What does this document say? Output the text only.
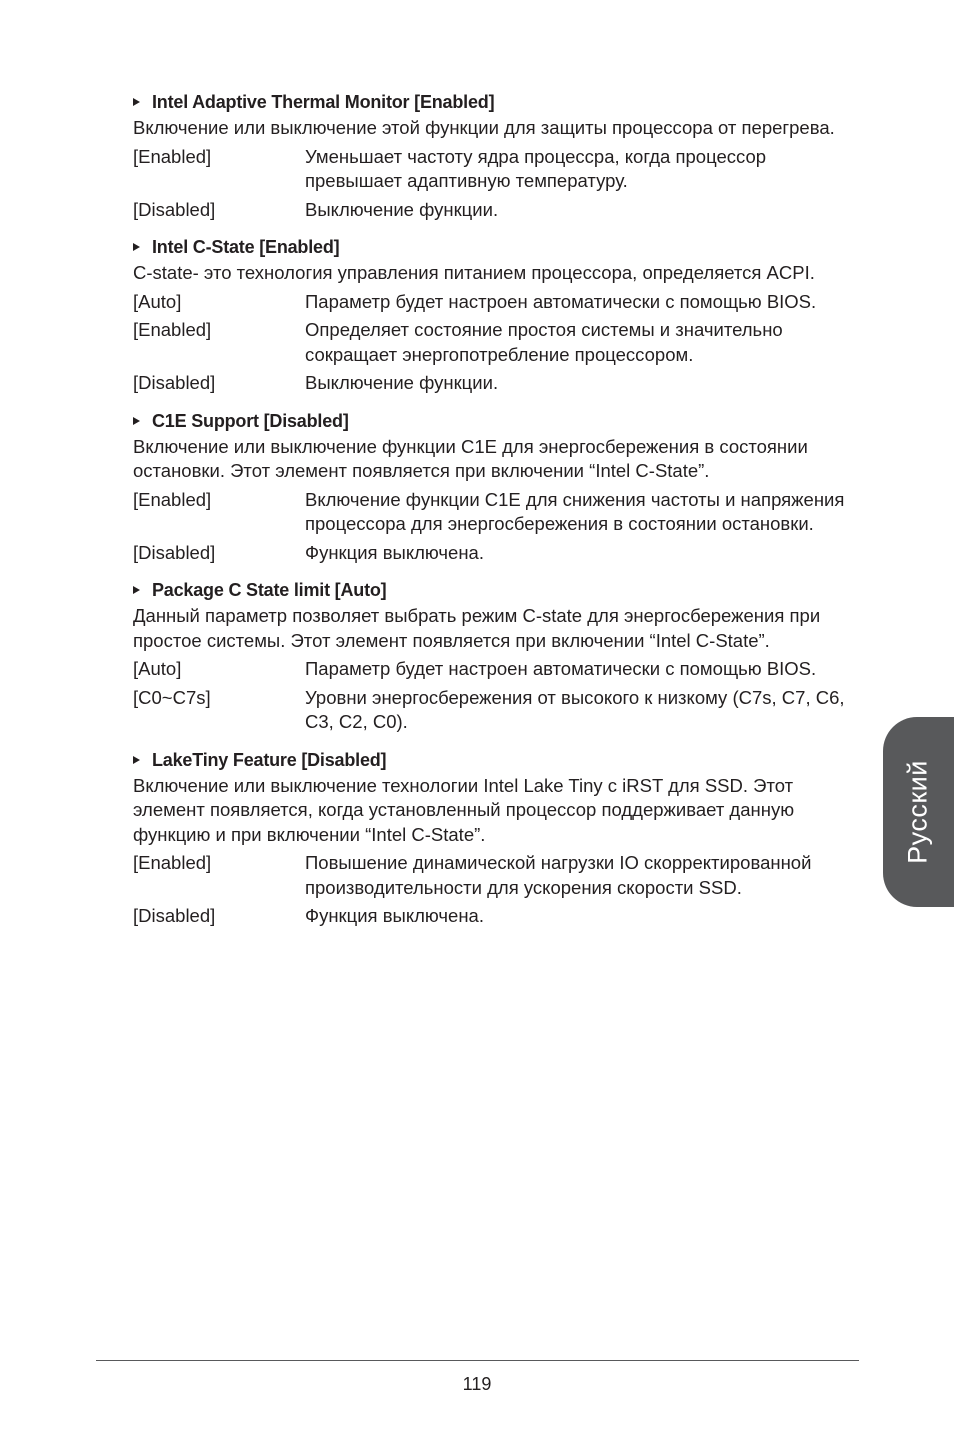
Intel Adaptive Thermal Monitor [Enabled]
Включение или выключение этой функции для защиты процессора от перегрева.
[Enabled]	Уменьшает частоту ядра процессра, когда процессор превышает адаптивную температуру.
[Disabled]	Выключение функции.
Intel C-State [Enabled]
C-state- это технология управления питанием процессора, определяется ACPI.
[Auto]	Параметр будет настроен автоматически с помощью BIOS.
[Enabled]	Определяет состояние простоя системы и значительно сокращает энергопотребление процессором.
[Disabled]	Выключение функции.
C1E Support [Disabled]
Включение или выключение функции C1E для энергосбережения в состоянии остановки. Этот элемент появляется при включении “Intel C-State”.
[Enabled]	Включение функции C1E для снижения частоты и напряжения процессора для энергосбережения в состоянии остановки.
[Disabled]	Функция выключена.
Package C State limit [Auto]
Данный параметр позволяет выбрать режим C-state для энергосбережения при простое системы. Этот элемент появляется при включении “Intel C-State”.
[Auto]	Параметр будет настроен автоматически с помощью BIOS.
[C0~C7s]	Уровни энергосбережения от высокого к низкому (C7s, C7, C6, C3, C2, C0).
LakeTiny Feature [Disabled]
Включение или выключение технологии Intel Lake Tiny с iRST для SSD. Этот элемент появляется, когда установленный процессор поддерживает данную функцию и при включении “Intel C-State”.
[Enabled]	Повышение динамической нагрузки IO скорректированной производительности для ускорения скорости SSD.
[Disabled]	Функция выключена.
Русский
119
